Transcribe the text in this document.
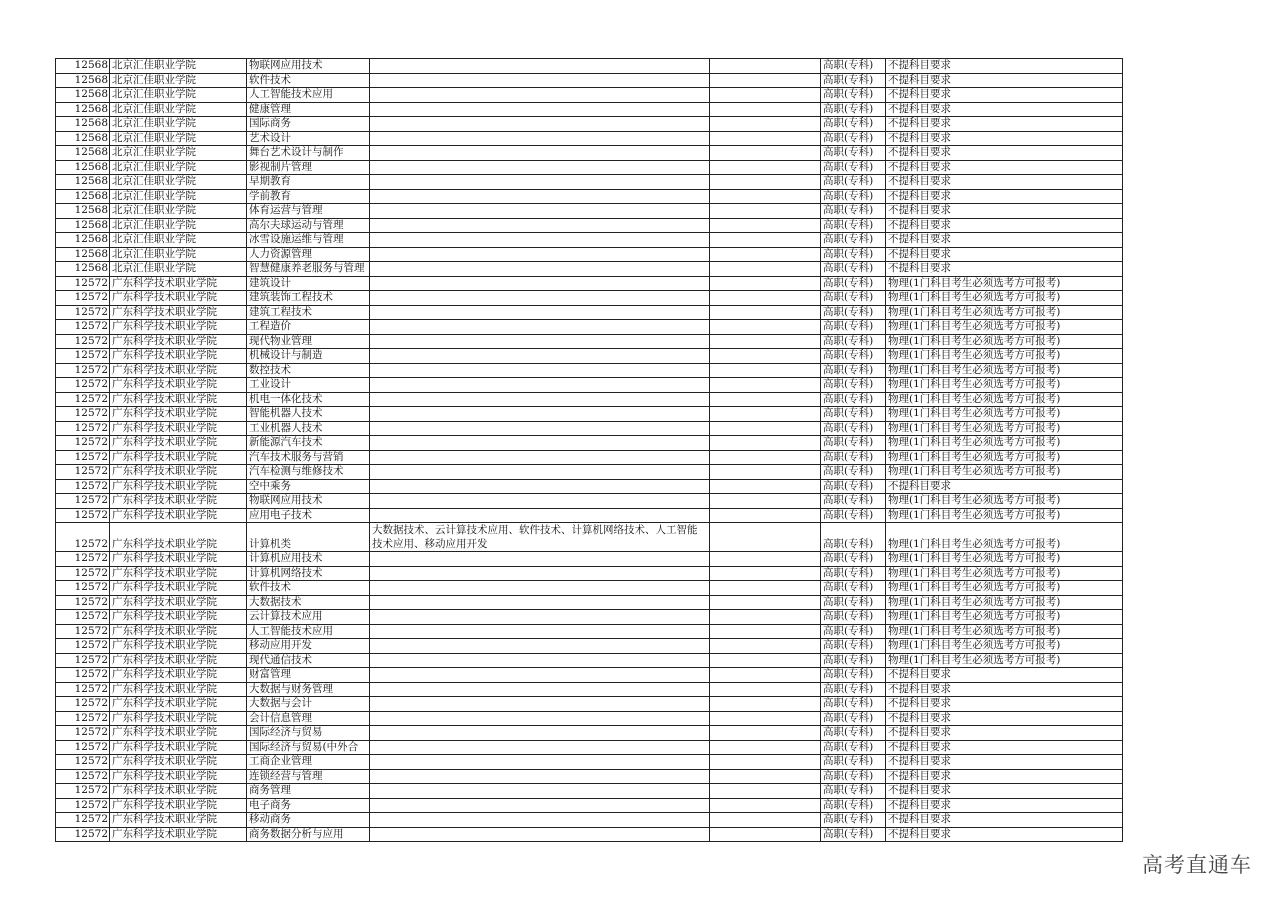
12568	北京汇佳职业学院	物联网应用技术			高职(专科)	不提科目要求
12568	北京汇佳职业学院	软件技术			高职(专科)	不提科目要求
12568	北京汇佳职业学院	人工智能技术应用			高职(专科)	不提科目要求
12568	北京汇佳职业学院	健康管理			高职(专科)	不提科目要求
12568	北京汇佳职业学院	国际商务			高职(专科)	不提科目要求
12568	北京汇佳职业学院	艺术设计			高职(专科)	不提科目要求
12568	北京汇佳职业学院	舞台艺术设计与制作			高职(专科)	不提科目要求
12568	北京汇佳职业学院	影视制片管理			高职(专科)	不提科目要求
12568	北京汇佳职业学院	早期教育			高职(专科)	不提科目要求
12568	北京汇佳职业学院	学前教育			高职(专科)	不提科目要求
12568	北京汇佳职业学院	体育运营与管理			高职(专科)	不提科目要求
12568	北京汇佳职业学院	高尔夫球运动与管理			高职(专科)	不提科目要求
12568	北京汇佳职业学院	冰雪设施运维与管理			高职(专科)	不提科目要求
12568	北京汇佳职业学院	人力资源管理			高职(专科)	不提科目要求
12568	北京汇佳职业学院	智慧健康养老服务与管理			高职(专科)	不提科目要求
12572	广东科学技术职业学院	建筑设计			高职(专科)	物理(1门科目考生必须选考方可报考)
12572	广东科学技术职业学院	建筑装饰工程技术			高职(专科)	物理(1门科目考生必须选考方可报考)
12572	广东科学技术职业学院	建筑工程技术			高职(专科)	物理(1门科目考生必须选考方可报考)
12572	广东科学技术职业学院	工程造价			高职(专科)	物理(1门科目考生必须选考方可报考)
12572	广东科学技术职业学院	现代物业管理			高职(专科)	物理(1门科目考生必须选考方可报考)
12572	广东科学技术职业学院	机械设计与制造			高职(专科)	物理(1门科目考生必须选考方可报考)
12572	广东科学技术职业学院	数控技术			高职(专科)	物理(1门科目考生必须选考方可报考)
12572	广东科学技术职业学院	工业设计			高职(专科)	物理(1门科目考生必须选考方可报考)
12572	广东科学技术职业学院	机电一体化技术			高职(专科)	物理(1门科目考生必须选考方可报考)
12572	广东科学技术职业学院	智能机器人技术			高职(专科)	物理(1门科目考生必须选考方可报考)
12572	广东科学技术职业学院	工业机器人技术			高职(专科)	物理(1门科目考生必须选考方可报考)
12572	广东科学技术职业学院	新能源汽车技术			高职(专科)	物理(1门科目考生必须选考方可报考)
12572	广东科学技术职业学院	汽车技术服务与营销			高职(专科)	物理(1门科目考生必须选考方可报考)
12572	广东科学技术职业学院	汽车检测与维修技术			高职(专科)	物理(1门科目考生必须选考方可报考)
12572	广东科学技术职业学院	空中乘务			高职(专科)	不提科目要求
12572	广东科学技术职业学院	物联网应用技术			高职(专科)	物理(1门科目考生必须选考方可报考)
12572	广东科学技术职业学院	应用电子技术			高职(专科)	物理(1门科目考生必须选考方可报考)
12572	广东科学技术职业学院	计算机类	大数据技术、云计算技术应用、软件技术、计算机网络技术、人工智能技术应用、移动应用开发		高职(专科)	物理(1门科目考生必须选考方可报考)
12572	广东科学技术职业学院	计算机应用技术			高职(专科)	物理(1门科目考生必须选考方可报考)
12572	广东科学技术职业学院	计算机网络技术			高职(专科)	物理(1门科目考生必须选考方可报考)
12572	广东科学技术职业学院	软件技术			高职(专科)	物理(1门科目考生必须选考方可报考)
12572	广东科学技术职业学院	大数据技术			高职(专科)	物理(1门科目考生必须选考方可报考)
12572	广东科学技术职业学院	云计算技术应用			高职(专科)	物理(1门科目考生必须选考方可报考)
12572	广东科学技术职业学院	人工智能技术应用			高职(专科)	物理(1门科目考生必须选考方可报考)
12572	广东科学技术职业学院	移动应用开发			高职(专科)	物理(1门科目考生必须选考方可报考)
12572	广东科学技术职业学院	现代通信技术			高职(专科)	物理(1门科目考生必须选考方可报考)
12572	广东科学技术职业学院	财富管理			高职(专科)	不提科目要求
12572	广东科学技术职业学院	大数据与财务管理			高职(专科)	不提科目要求
12572	广东科学技术职业学院	大数据与会计			高职(专科)	不提科目要求
12572	广东科学技术职业学院	会计信息管理			高职(专科)	不提科目要求
12572	广东科学技术职业学院	国际经济与贸易			高职(专科)	不提科目要求
12572	广东科学技术职业学院	国际经济与贸易(中外合			高职(专科)	不提科目要求
12572	广东科学技术职业学院	工商企业管理			高职(专科)	不提科目要求
12572	广东科学技术职业学院	连锁经营与管理			高职(专科)	不提科目要求
12572	广东科学技术职业学院	商务管理			高职(专科)	不提科目要求
12572	广东科学技术职业学院	电子商务			高职(专科)	不提科目要求
12572	广东科学技术职业学院	移动商务			高职(专科)	不提科目要求
12572	广东科学技术职业学院	商务数据分析与应用			高职(专科)	不提科目要求
高考直通车
